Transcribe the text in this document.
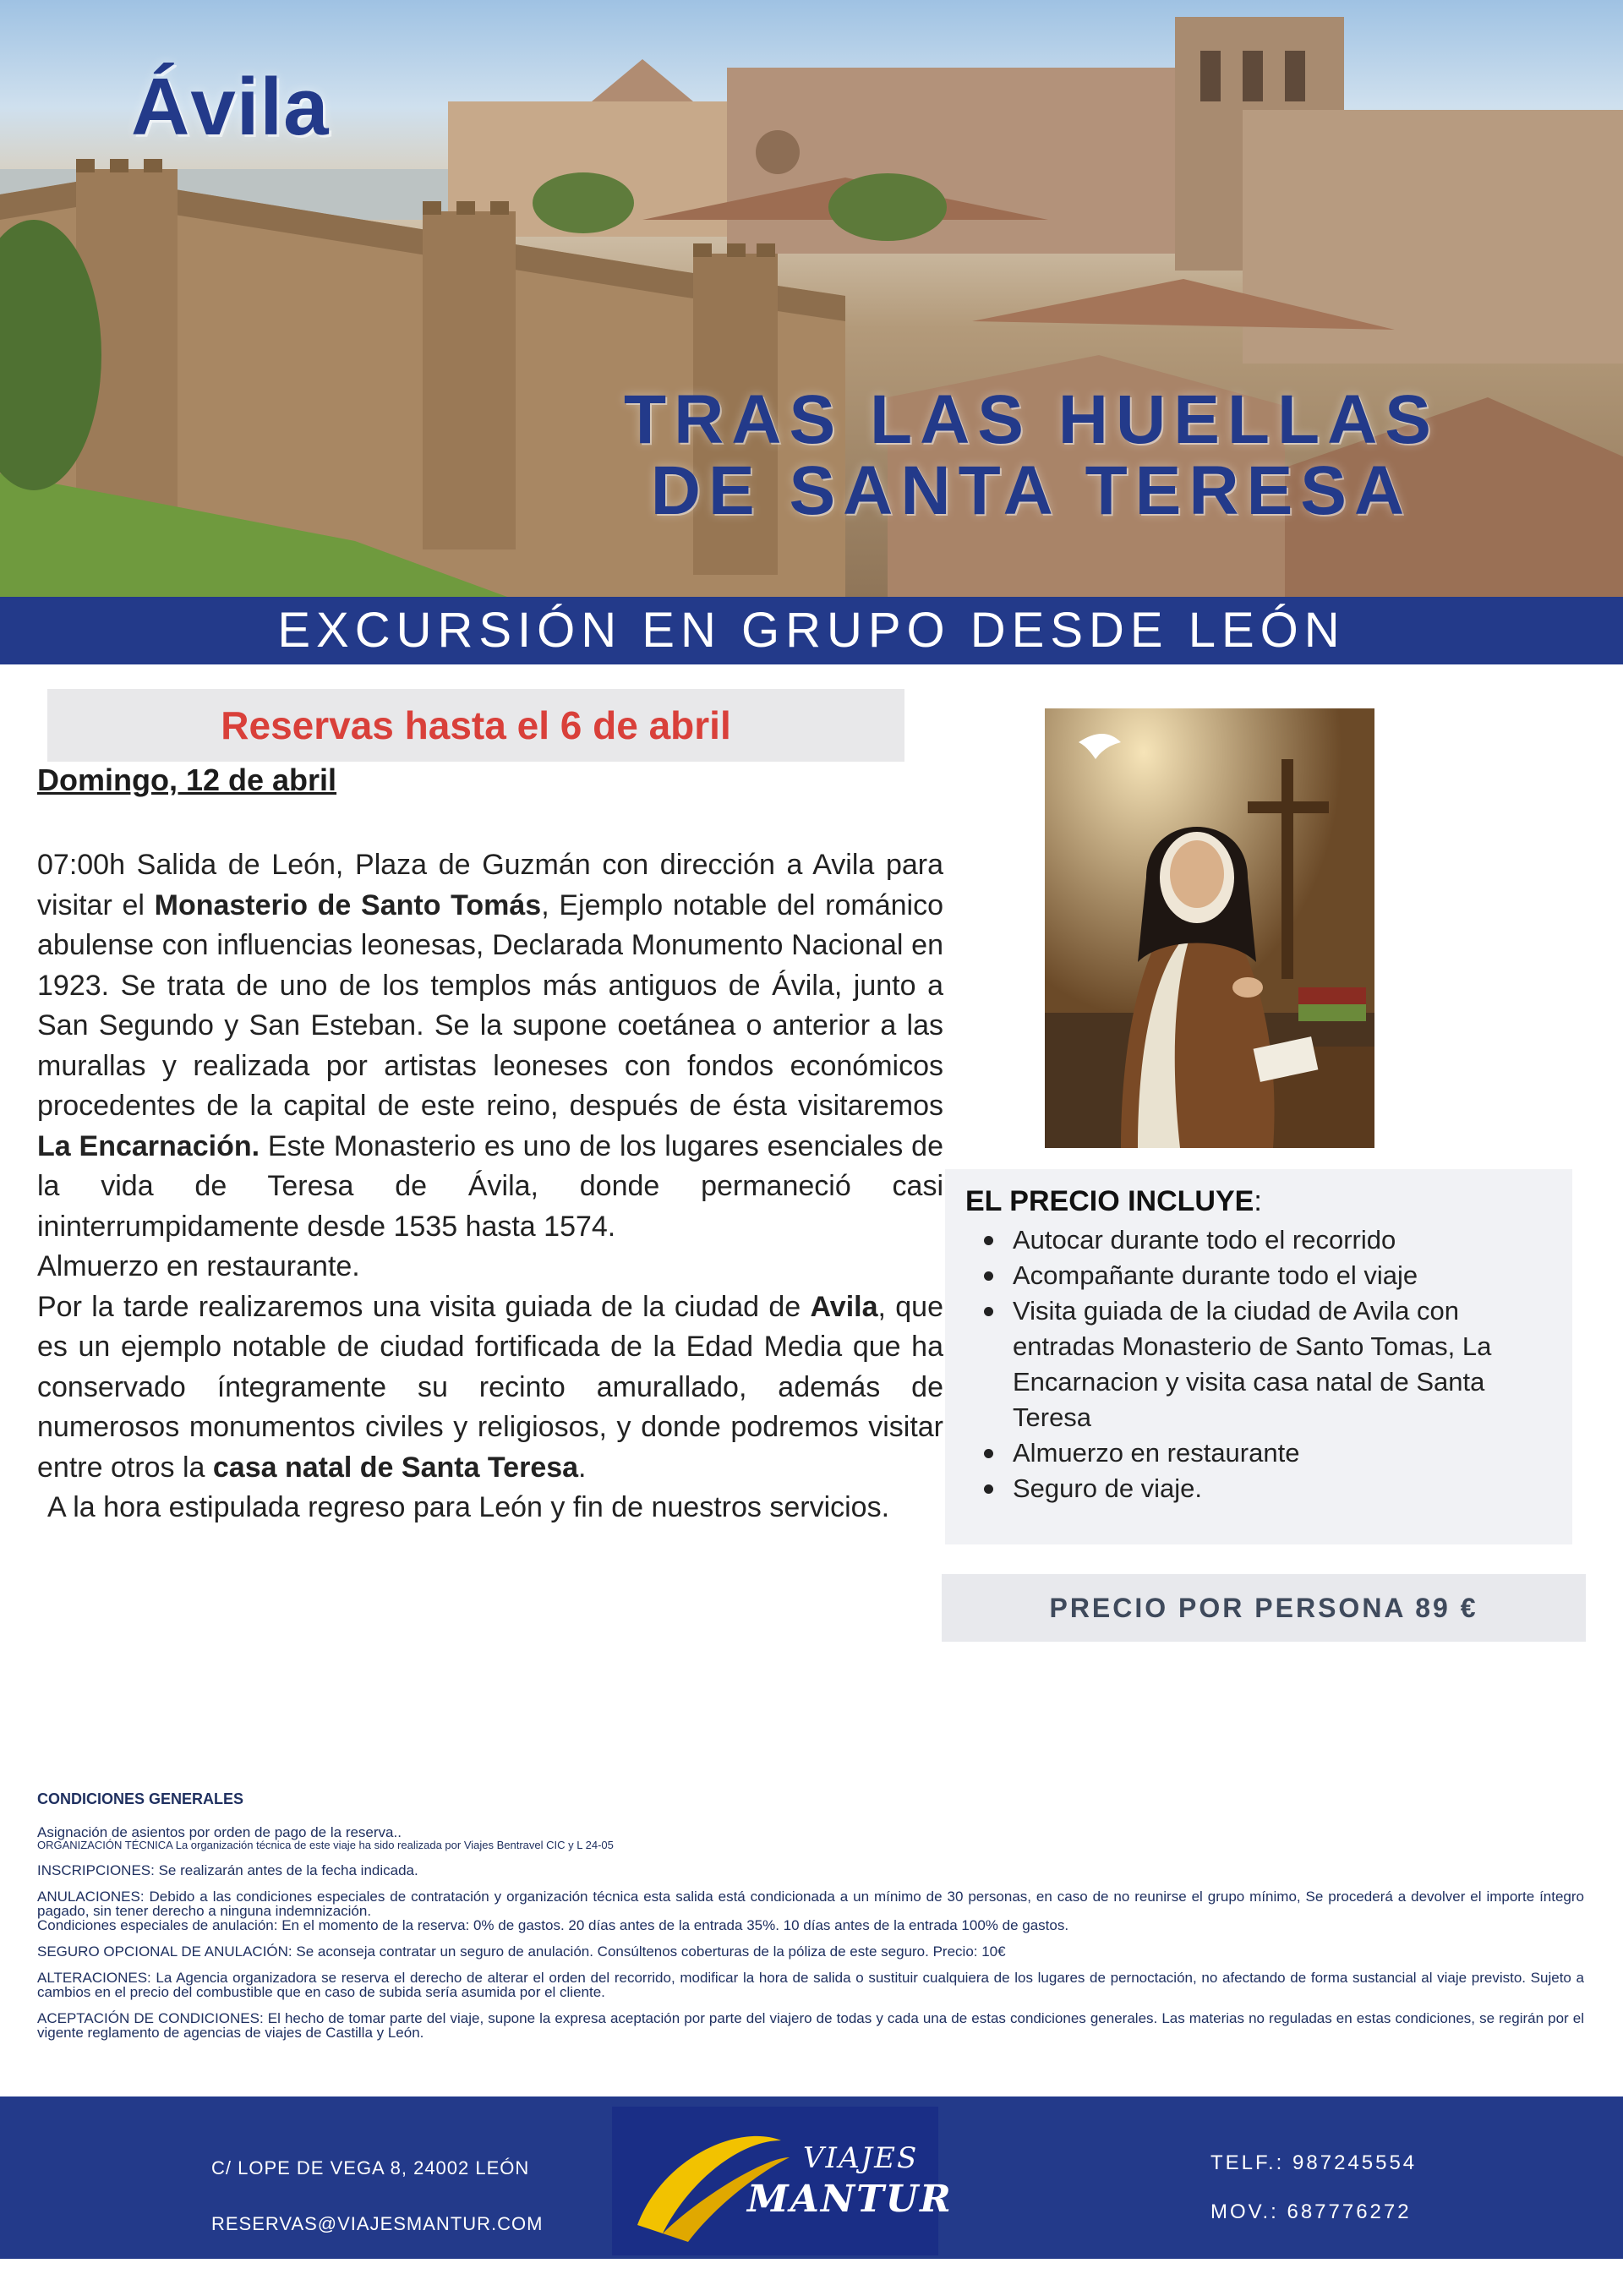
Ávila
TRAS LAS HUELLAS
DE SANTA TERESA
EXCURSIÓN EN GRUPO DESDE LEÓN
Reservas hasta el 6 de abril
Domingo, 12 de abril

07:00h Salida de León, Plaza de Guzmán con dirección a Avila para visitar el Monasterio de Santo Tomás, Ejemplo notable del románico abulense con influencias leonesas, Declarada Monumento Nacional en 1923. Se trata de uno de los templos más antiguos de Ávila, junto a San Segundo y San Esteban. Se la supone coetánea o anterior a las murallas y realizada por artistas leoneses con fondos económicos procedentes de la capital de este reino, después de ésta visitaremos La Encarnación. Este Monasterio es uno de los lugares esenciales de la vida de Teresa de Ávila, donde permaneció casi ininterrumpidamente desde 1535 hasta 1574.

Almuerzo en restaurante.

Por la tarde realizaremos una visita guiada de la ciudad de Avila, que es un ejemplo notable de ciudad fortificada de la Edad Media que ha conservado íntegramente su recinto amurallado, además de numerosos monumentos civiles y religiosos, y donde podremos visitar entre otros la casa natal de Santa Teresa.

A la hora estipulada regreso para León y fin de nuestros servicios.

EL PRECIO INCLUYE:
Autocar durante todo el recorrido
Acompañante durante todo el viaje
Visita guiada de la ciudad de Avila con entradas Monasterio de Santo Tomas, La Encarnacion y visita casa natal de Santa Teresa
Almuerzo en restaurante
Seguro de viaje.
PRECIO POR PERSONA 89 €
CONDICIONES GENERALES
Asignación de asientos por orden de pago de la reserva..
ORGANIZACIÓN TÉCNICA La organización técnica de este viaje ha sido realizada por Viajes Bentravel CIC y L 24-05
INSCRIPCIONES: Se realizarán antes de la fecha indicada.
ANULACIONES: Debido a las condiciones especiales de contratación y organización técnica esta salida está condicionada a un mínimo de 30 personas, en caso de no reunirse el grupo mínimo, Se procederá a devolver el importe íntegro pagado, sin tener derecho a ninguna indemnización.
Condiciones especiales de anulación: En el momento de la reserva: 0% de gastos. 20 días antes de la entrada 35%. 10 días antes de la entrada 100% de gastos.
SEGURO OPCIONAL DE ANULACIÓN: Se aconseja contratar un seguro de anulación. Consúltenos coberturas de la póliza de este seguro. Precio: 10€
ALTERACIONES: La Agencia organizadora se reserva el derecho de alterar el orden del recorrido, modificar la hora de salida o sustituir cualquiera de los lugares de pernoctación, no afectando de forma sustancial al viaje previsto. Sujeto a cambios en el precio del combustible que en caso de subida sería asumida por el cliente.
ACEPTACIÓN DE CONDICIONES: El hecho de tomar parte del viaje, supone la expresa aceptación por parte del viajero de todas y cada una de estas condiciones generales. Las materias no reguladas en estas condiciones, se regirán por el vigente reglamento de agencias de viajes de Castilla y León.
C/ LOPE DE VEGA 8, 24002 LEÓN
RESERVAS@VIAJESMANTUR.COM
VIAJES
MANTUR
TELF.: 987245554
MOV.: 687776272
